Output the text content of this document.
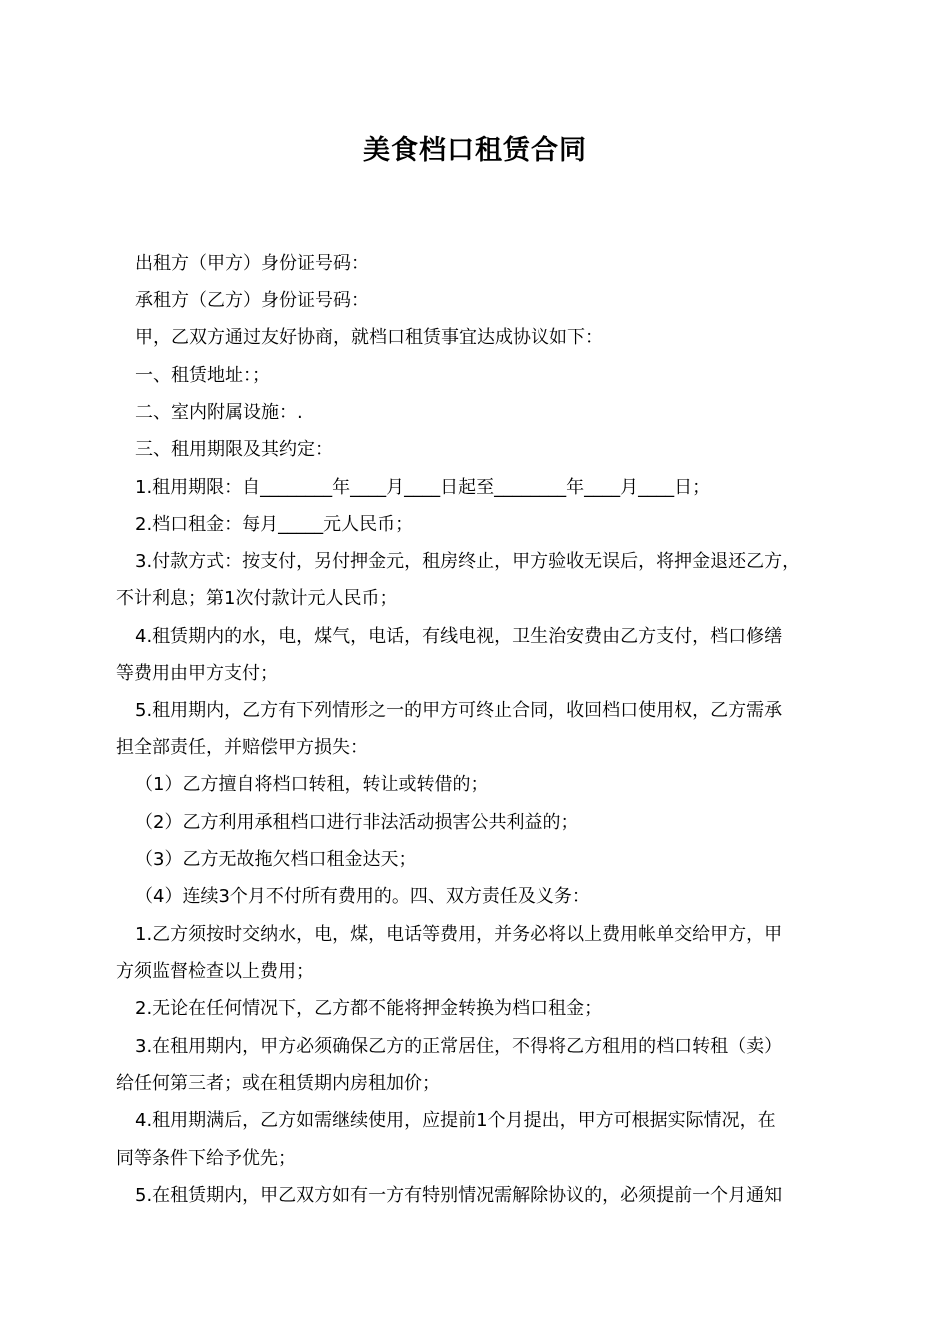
美食档口租赁合同
出租方（甲方）身份证号码：
承租方（乙方）身份证号码：
甲，乙双方通过友好协商，就档口租赁事宜达成协议如下：
一、租赁地址：；
二、室内附属设施：.
三、租用期限及其约定：
1.租用期限：自________年____月____日起至________年____月____日；
2.档口租金：每月_____元人民币；
3.付款方式：按支付，另付押金元，租房终止，甲方验收无误后，将押金退还乙方，
不计利息；第1次付款计元人民币；
4.租赁期内的水，电，煤气，电话，有线电视，卫生治安费由乙方支付，档口修缮
等费用由甲方支付；
5.租用期内，乙方有下列情形之一的甲方可终止合同，收回档口使用权，乙方需承
担全部责任，并赔偿甲方损失：
（1）乙方擅自将档口转租，转让或转借的；
（2）乙方利用承租档口进行非法活动损害公共利益的；
（3）乙方无故拖欠档口租金达天；
（4）连续3个月不付所有费用的。四、双方责任及义务：
1.乙方须按时交纳水，电，煤，电话等费用，并务必将以上费用帐单交给甲方，甲
方须监督检查以上费用；
2.无论在任何情况下，乙方都不能将押金转换为档口租金；
3.在租用期内，甲方必须确保乙方的正常居住，不得将乙方租用的档口转租（卖）
给任何第三者；或在租赁期内房租加价；
4.租用期满后，乙方如需继续使用，应提前1个月提出，甲方可根据实际情况，在
同等条件下给予优先；
5.在租赁期内，甲乙双方如有一方有特别情况需解除协议的，必须提前一个月通知
